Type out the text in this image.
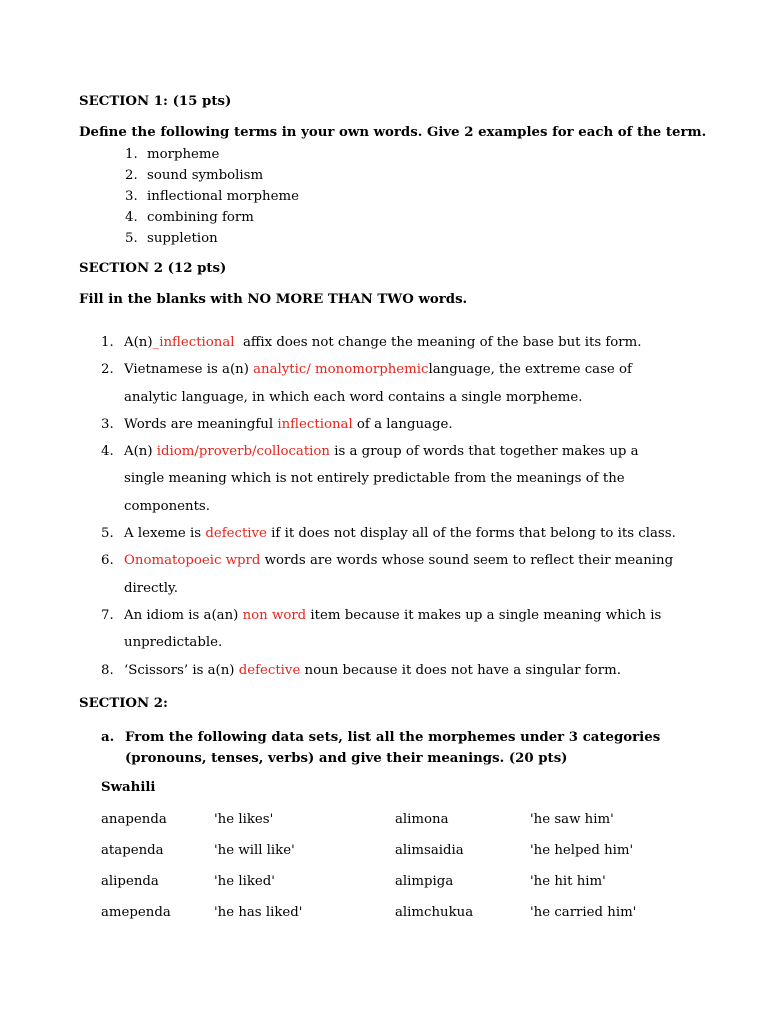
SECTION 1: (15 pts)
Define the following terms in your own words. Give 2 examples for each of the term.
1. morpheme
2. sound symbolism
3. inflectional morpheme
4. combining form
5. suppletion
SECTION 2 (12 pts)
Fill in the blanks with NO MORE THAN TWO words.
1. A(n)_inflectional  affix does not change the meaning of the base but its form.
2. Vietnamese is a(n) analytic/ monomorphemiclanguage, the extreme case of analytic language, in which each word contains a single morpheme.
3. Words are meaningful inflectional of a language.
4. A(n) idiom/proverb/collocation is a group of words that together makes up a single meaning which is not entirely predictable from the meanings of the components.
5. A lexeme is defective if it does not display all of the forms that belong to its class.
6. Onomatopoeic wprd words are words whose sound seem to reflect their meaning directly.
7. An idiom is a(an) non word item because it makes up a single meaning which is unpredictable.
8. ‘Scissors’ is a(n) defective noun because it does not have a singular form.
SECTION 2:
a. From the following data sets, list all the morphemes under 3 categories (pronouns, tenses, verbs) and give their meanings. (20 pts)
Swahili
anapenda	'he likes'	alimona	'he saw him'
atapenda	'he will like'	alimsaidia	'he helped him'
alipenda	'he liked'	alimpiga	'he hit him'
amependa	'he has liked'	alimchukua	'he carried him'
